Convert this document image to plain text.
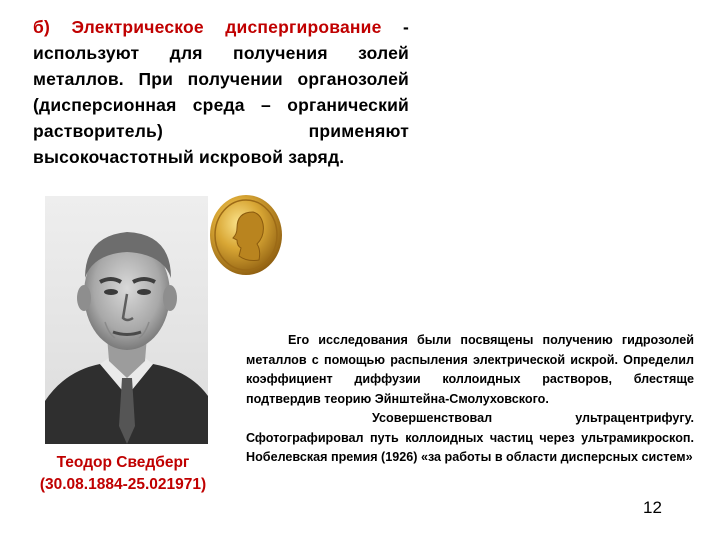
б) Электрическое диспергирование - используют для получения золей металлов. При получении органозолей (дисперсионная среда – органический растворитель) применяют высокочастотный искровой заряд.
Теодор Сведберг
(30.08.1884-25.021971)

Его исследования были посвящены получению гидрозолей металлов с помощью распыления электрической искрой. Определил коэффициент диффузии коллоидных растворов, блестяще подтвердив теорию Эйнштейна-Смолуховского.

Усовершенствовал ультрацентрифугу. Сфотографировал путь коллоидных частиц через ультрамикроскоп. Нобелевская премия (1926) «за работы в области дисперсных систем»

12
